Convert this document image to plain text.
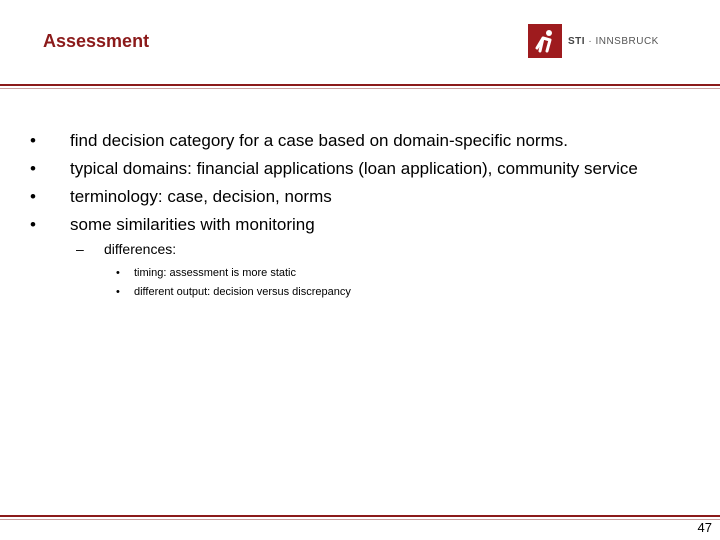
Assessment	STI · INNSBRUCK
• find decision category for a case based on domain-specific norms.
• typical domains: financial applications (loan application), community service
• terminology: case, decision, norms
• some similarities with monitoring
– differences:
• timing: assessment is more static
• different output: decision versus discrepancy
47
